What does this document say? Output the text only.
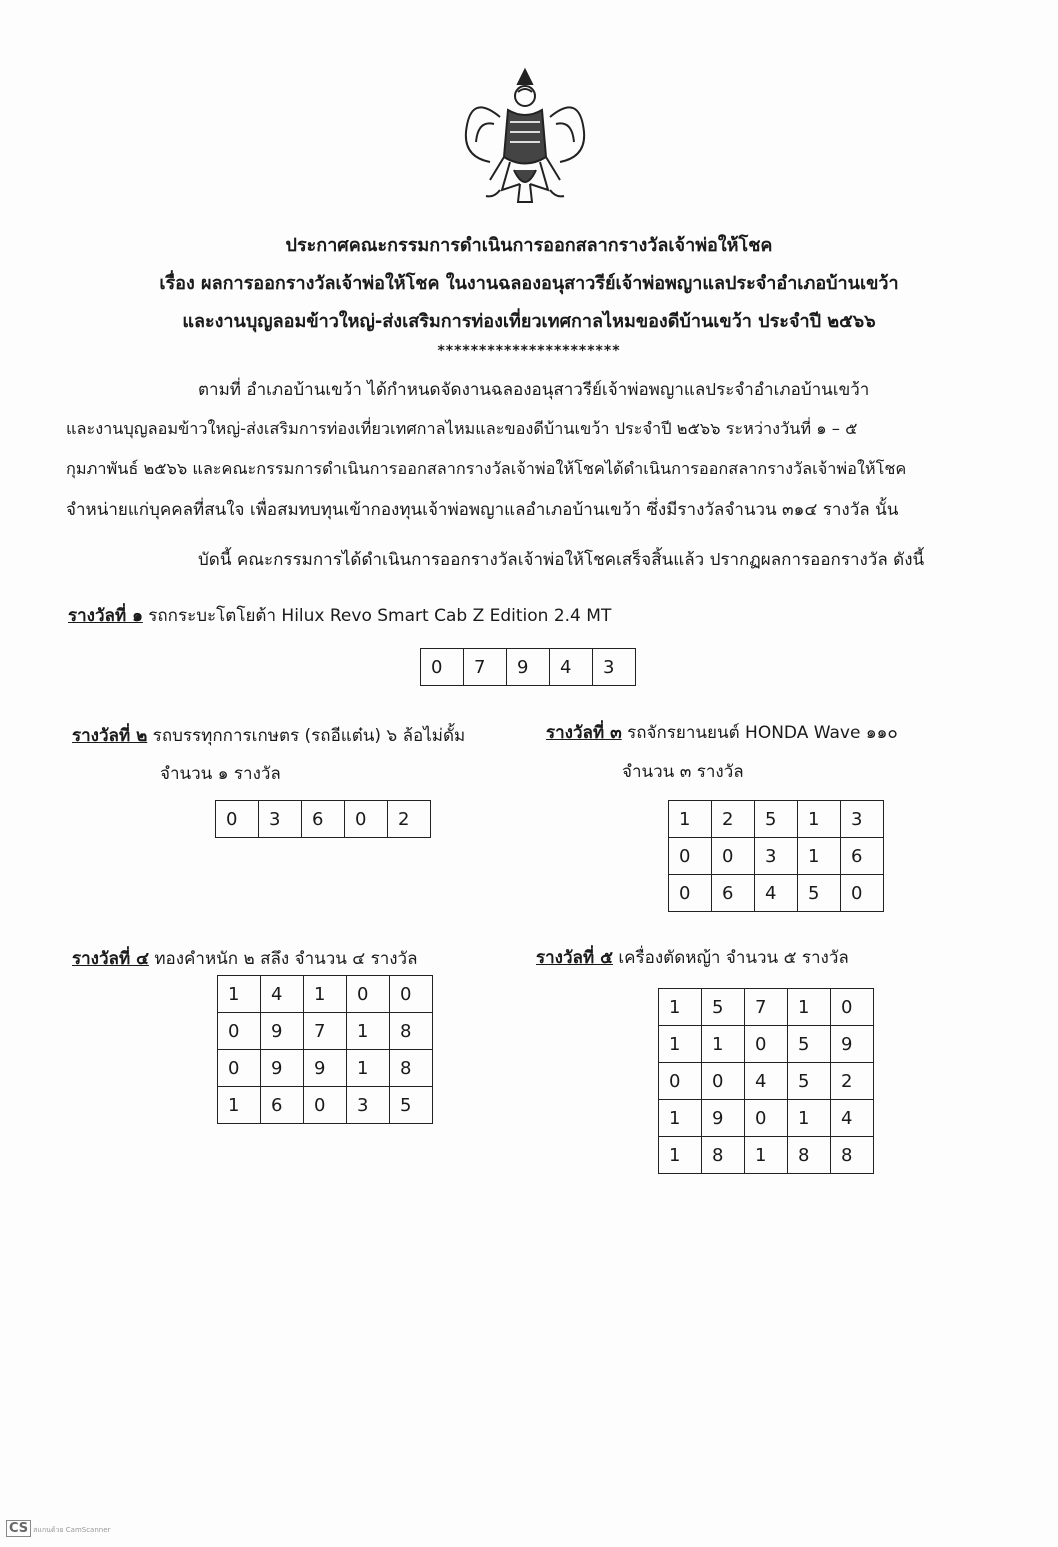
ประกาศคณะกรรมการดำเนินการออกสลากรางวัลเจ้าพ่อให้โชค
เรื่อง ผลการออกรางวัลเจ้าพ่อให้โชค ในงานฉลองอนุสาวรีย์เจ้าพ่อพญาแลประจำอำเภอบ้านเขว้า
และงานบุญลอมข้าวใหญ่-ส่งเสริมการท่องเที่ยวเทศกาลไหมของดีบ้านเขว้า ประจำปี ๒๕๖๖
**********************
ตามที่ อำเภอบ้านเขว้า ได้กำหนดจัดงานฉลองอนุสาวรีย์เจ้าพ่อพญาแลประจำอำเภอบ้านเขว้า
และงานบุญลอมข้าวใหญ่-ส่งเสริมการท่องเที่ยวเทศกาลไหมและของดีบ้านเขว้า ประจำปี ๒๕๖๖ ระหว่างวันที่ ๑ – ๕
กุมภาพันธ์ ๒๕๖๖ และคณะกรรมการดำเนินการออกสลากรางวัลเจ้าพ่อให้โชคได้ดำเนินการออกสลากรางวัลเจ้าพ่อให้โชค
จำหน่ายแก่บุคคลที่สนใจ เพื่อสมทบทุนเข้ากองทุนเจ้าพ่อพญาแลอำเภอบ้านเขว้า ซึ่งมีรางวัลจำนวน ๓๑๔ รางวัล นั้น
บัดนี้ คณะกรรมการได้ดำเนินการออกรางวัลเจ้าพ่อให้โชคเสร็จสิ้นแล้ว ปรากฏผลการออกรางวัล ดังนี้
รางวัลที่ ๑ รถกระบะโตโยต้า Hilux Revo Smart Cab Z Edition 2.4 MT
0	7	9	4	3
รางวัลที่ ๒ รถบรรทุกการเกษตร (รถอีแต๋น) ๖ ล้อไม่ดั้ม
จำนวน ๑ รางวัล
0	3	6	0	2
รางวัลที่ ๓ รถจักรยานยนต์ HONDA Wave ๑๑๐
จำนวน ๓ รางวัล
1	2	5	1	3
0	0	3	1	6
0	6	4	5	0
รางวัลที่ ๔ ทองคำหนัก ๒ สลึง จำนวน ๔ รางวัล
1	4	1	0	0
0	9	7	1	8
0	9	9	1	8
1	6	0	3	5
รางวัลที่ ๕ เครื่องตัดหญ้า จำนวน ๕ รางวัล
1	5	7	1	0
1	1	0	5	9
0	0	4	5	2
1	9	0	1	4
1	8	1	8	8
CS สแกนด้วย CamScanner
